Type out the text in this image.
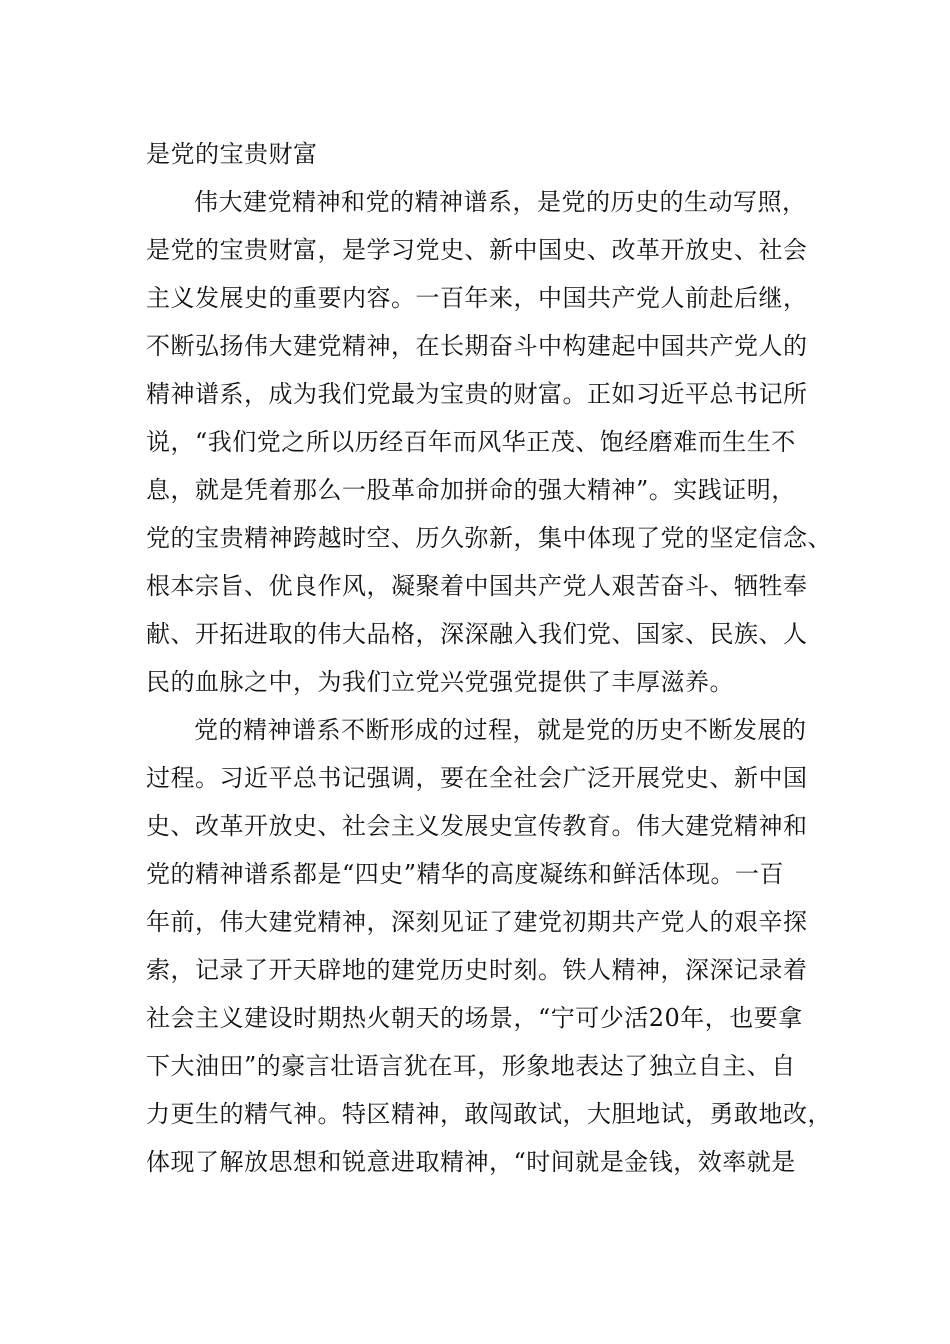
是党的宝贵财富
伟大建党精神和党的精神谱系，是党的历史的生动写照，
是党的宝贵财富，是学习党史、新中国史、改革开放史、社会
主义发展史的重要内容。一百年来，中国共产党人前赴后继，
不断弘扬伟大建党精神，在长期奋斗中构建起中国共产党人的
精神谱系，成为我们党最为宝贵的财富。正如习近平总书记所
说，“我们党之所以历经百年而风华正茂、饱经磨难而生生不
息，就是凭着那么一股革命加拼命的强大精神”。实践证明，
党的宝贵精神跨越时空、历久弥新，集中体现了党的坚定信念、
根本宗旨、优良作风，凝聚着中国共产党人艰苦奋斗、牺牲奉
献、开拓进取的伟大品格，深深融入我们党、国家、民族、人
民的血脉之中，为我们立党兴党强党提供了丰厚滋养。
党的精神谱系不断形成的过程，就是党的历史不断发展的
过程。习近平总书记强调，要在全社会广泛开展党史、新中国
史、改革开放史、社会主义发展史宣传教育。伟大建党精神和
党的精神谱系都是“四史”精华的高度凝练和鲜活体现。一百
年前，伟大建党精神，深刻见证了建党初期共产党人的艰辛探
索，记录了开天辟地的建党历史时刻。铁人精神，深深记录着
社会主义建设时期热火朝天的场景，“宁可少活20年，也要拿
下大油田”的豪言壮语言犹在耳，形象地表达了独立自主、自
力更生的精气神。特区精神，敢闯敢试，大胆地试，勇敢地改，
体现了解放思想和锐意进取精神，“时间就是金钱，效率就是
